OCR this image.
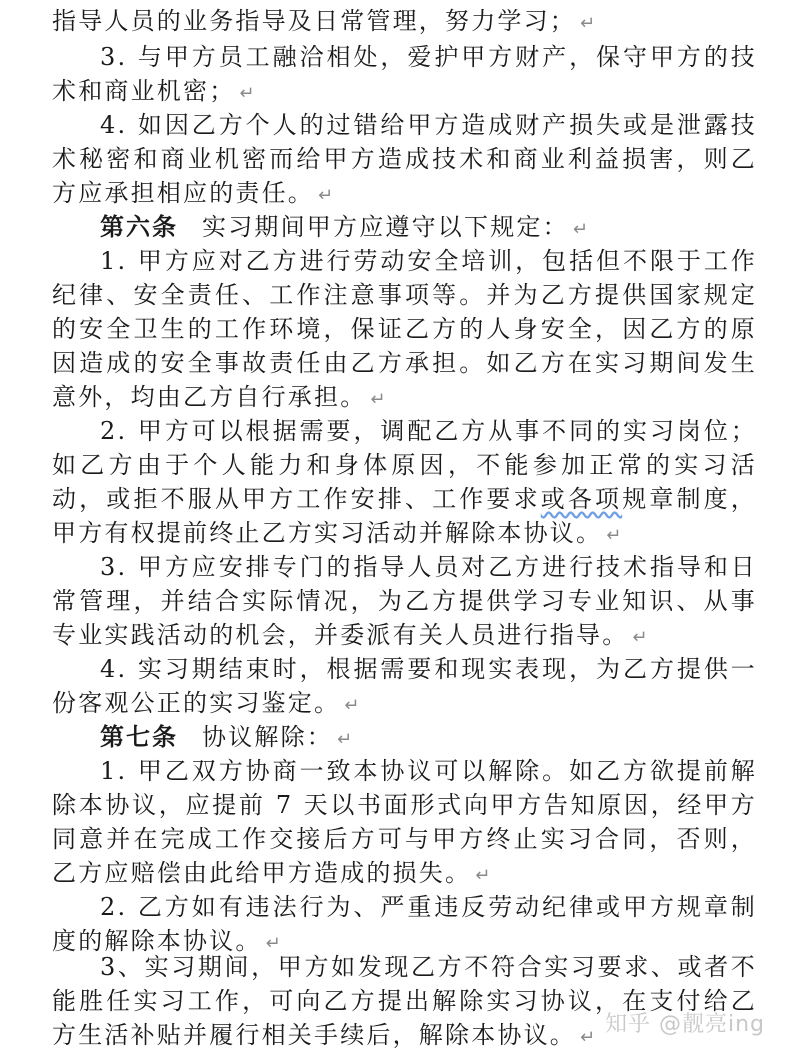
指导人员的业务指导及日常管理，努力学习； ↵
3. 与甲方员工融洽相处，爱护甲方财产，保守甲方的技术和商业机密； ↵
4. 如因乙方个人的过错给甲方造成财产损失或是泄露技术秘密和商业机密而给甲方造成技术和商业利益损害，则乙方应承担相应的责任。 ↵
第六条 实习期间甲方应遵守以下规定： ↵
1. 甲方应对乙方进行劳动安全培训，包括但不限于工作纪律、安全责任、工作注意事项等。并为乙方提供国家规定的安全卫生的工作环境，保证乙方的人身安全，因乙方的原因造成的安全事故责任由乙方承担。如乙方在实习期间发生意外，均由乙方自行承担。 ↵
2. 甲方可以根据需要，调配乙方从事不同的实习岗位；如乙方由于个人能力和身体原因，不能参加正常的实习活动，或拒不服从甲方工作安排、工作要求或各项规章制度，甲方有权提前终止乙方实习活动并解除本协议。 ↵
3. 甲方应安排专门的指导人员对乙方进行技术指导和日常管理，并结合实际情况，为乙方提供学习专业知识、从事专业实践活动的机会，并委派有关人员进行指导。 ↵
4. 实习期结束时，根据需要和现实表现，为乙方提供一份客观公正的实习鉴定。 ↵
第七条 协议解除： ↵
1. 甲乙双方协商一致本协议可以解除。如乙方欲提前解除本协议，应提前 7 天以书面形式向甲方告知原因，经甲方同意并在完成工作交接后方可与甲方终止实习合同，否则，乙方应赔偿由此给甲方造成的损失。 ↵
2. 乙方如有违法行为、严重违反劳动纪律或甲方规章制度的解除本协议。 ↵
3、实习期间，甲方如发现乙方不符合实习要求、或者不能胜任实习工作，可向乙方提出解除实习协议，在支付给乙方生活补贴并履行相关手续后，解除本协议。 ↵
知乎 @靓亮ing
